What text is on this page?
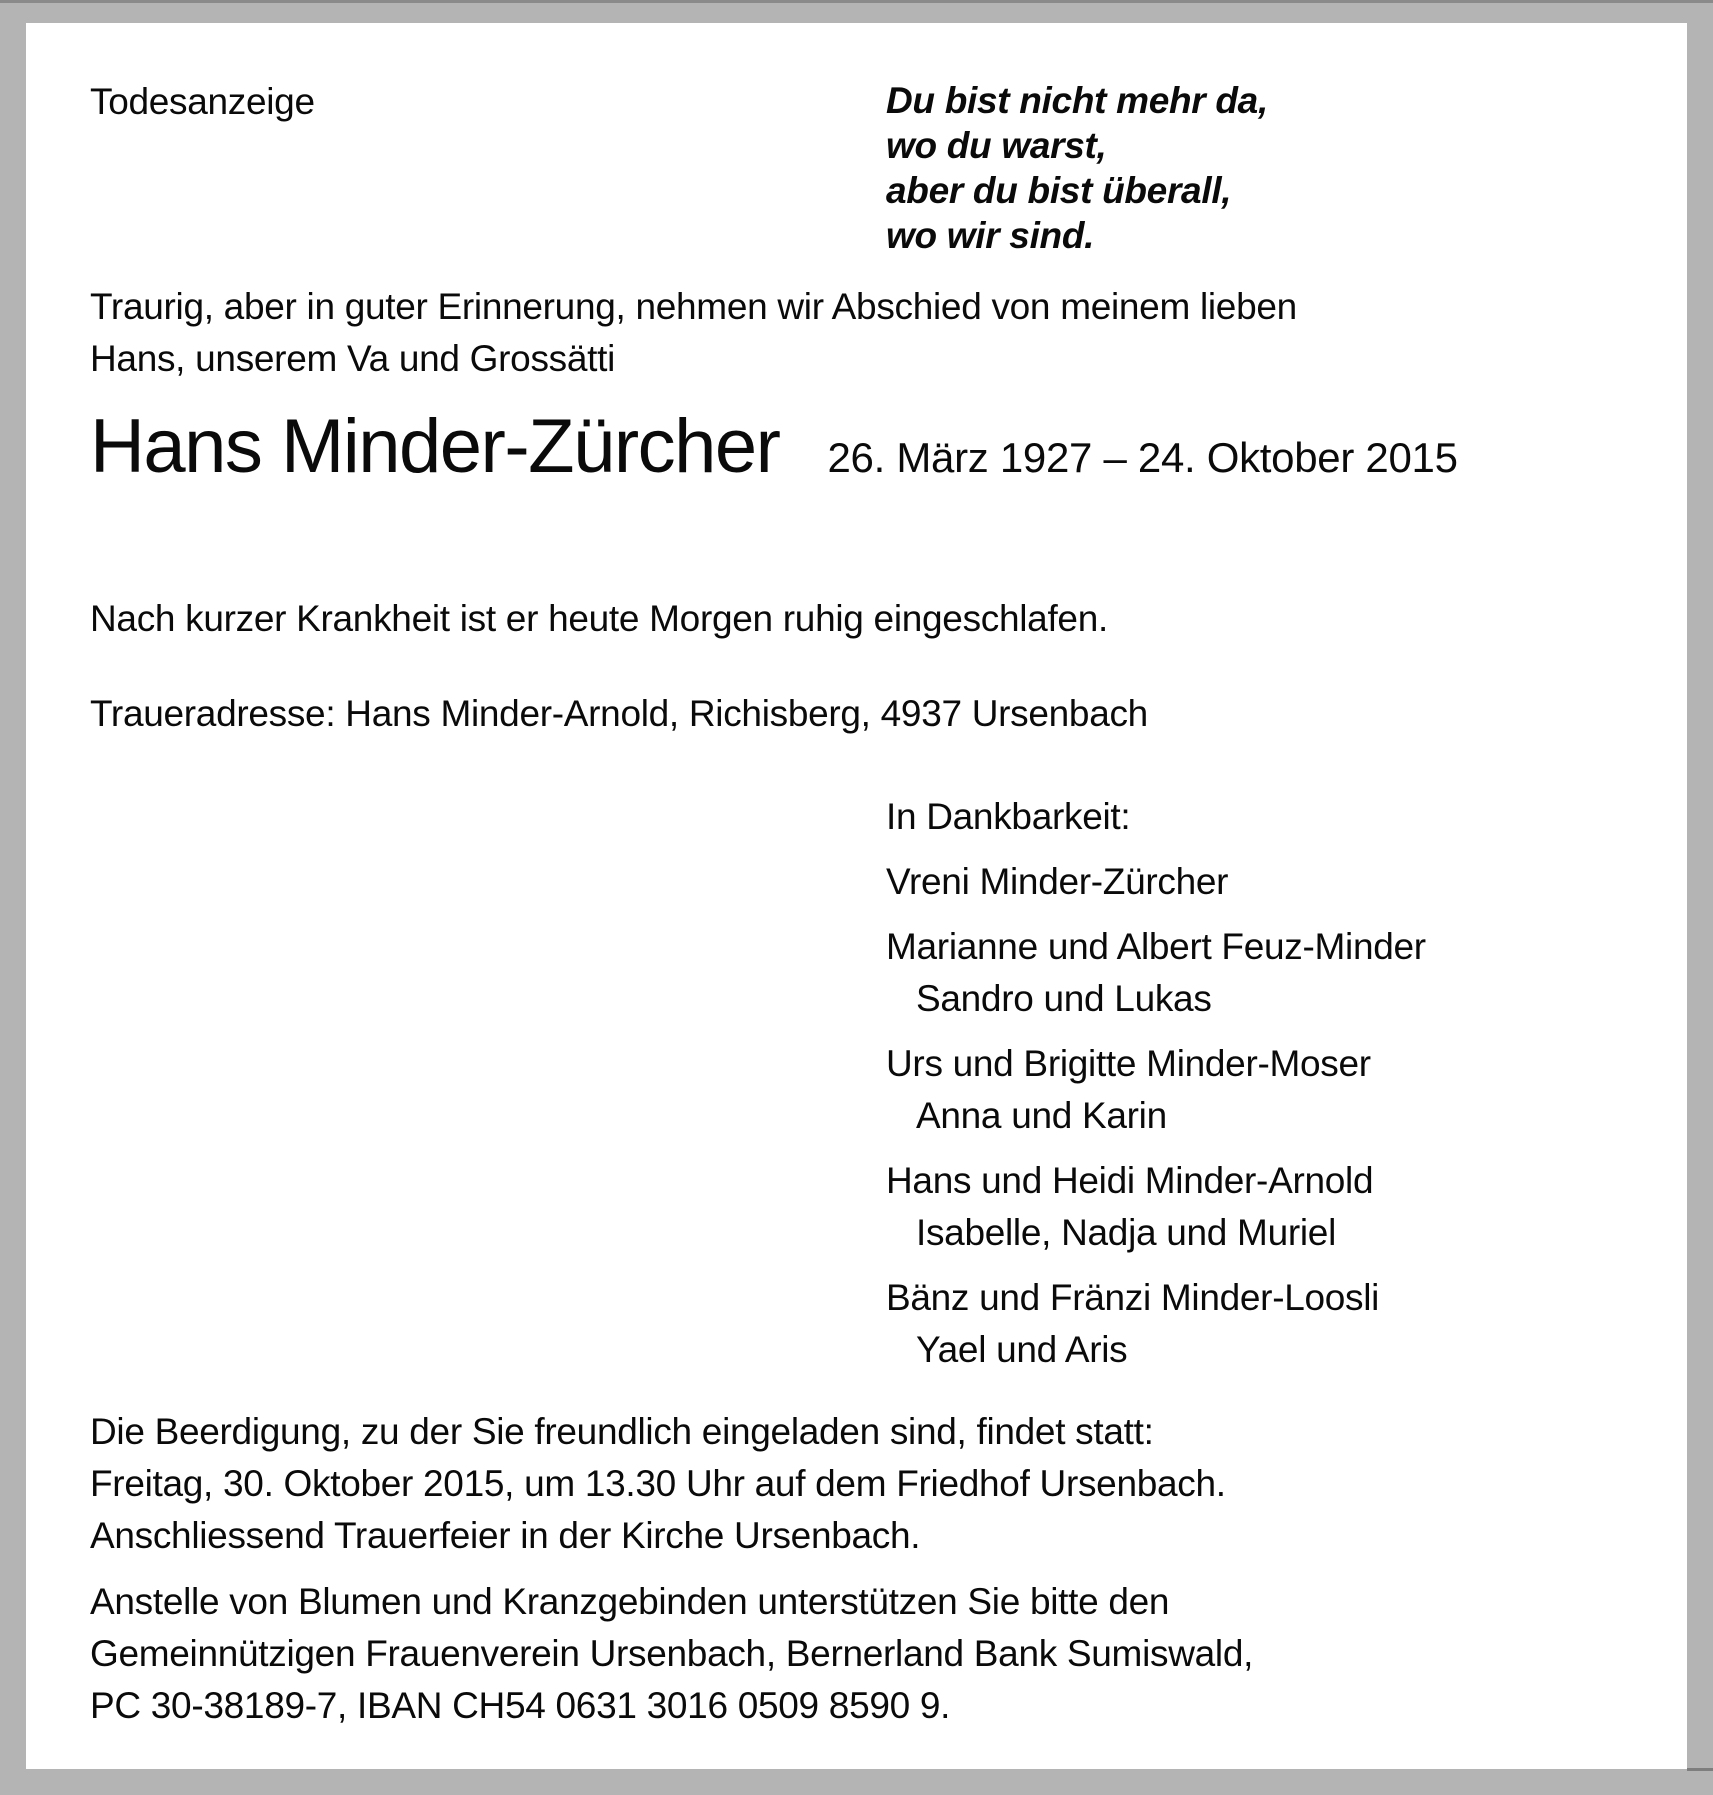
Todesanzeige	Du bist nicht mehr da,
wo du warst,
aber du bist überall,
wo wir sind.
Traurig, aber in guter Erinnerung, nehmen wir Abschied von meinem lieben
Hans, unserem Va und Grossätti
Hans Minder-Zürcher 26. März 1927 – 24. Oktober 2015
Nach kurzer Krankheit ist er heute Morgen ruhig eingeschlafen.
Traueradresse: Hans Minder-Arnold, Richisberg, 4937 Ursenbach
In Dankbarkeit:
Vreni Minder-Zürcher
Marianne und Albert Feuz-Minder
Sandro und Lukas
Urs und Brigitte Minder-Moser
Anna und Karin
Hans und Heidi Minder-Arnold
Isabelle, Nadja und Muriel
Bänz und Fränzi Minder-Loosli
Yael und Aris
Die Beerdigung, zu der Sie freundlich eingeladen sind, findet statt:
Freitag, 30. Oktober 2015, um 13.30 Uhr auf dem Friedhof Ursenbach.
Anschliessend Trauerfeier in der Kirche Ursenbach.
Anstelle von Blumen und Kranzgebinden unterstützen Sie bitte den
Gemeinnützigen Frauenverein Ursenbach, Bernerland Bank Sumiswald,
PC 30-38189-7, IBAN CH54 0631 3016 0509 8590 9.
